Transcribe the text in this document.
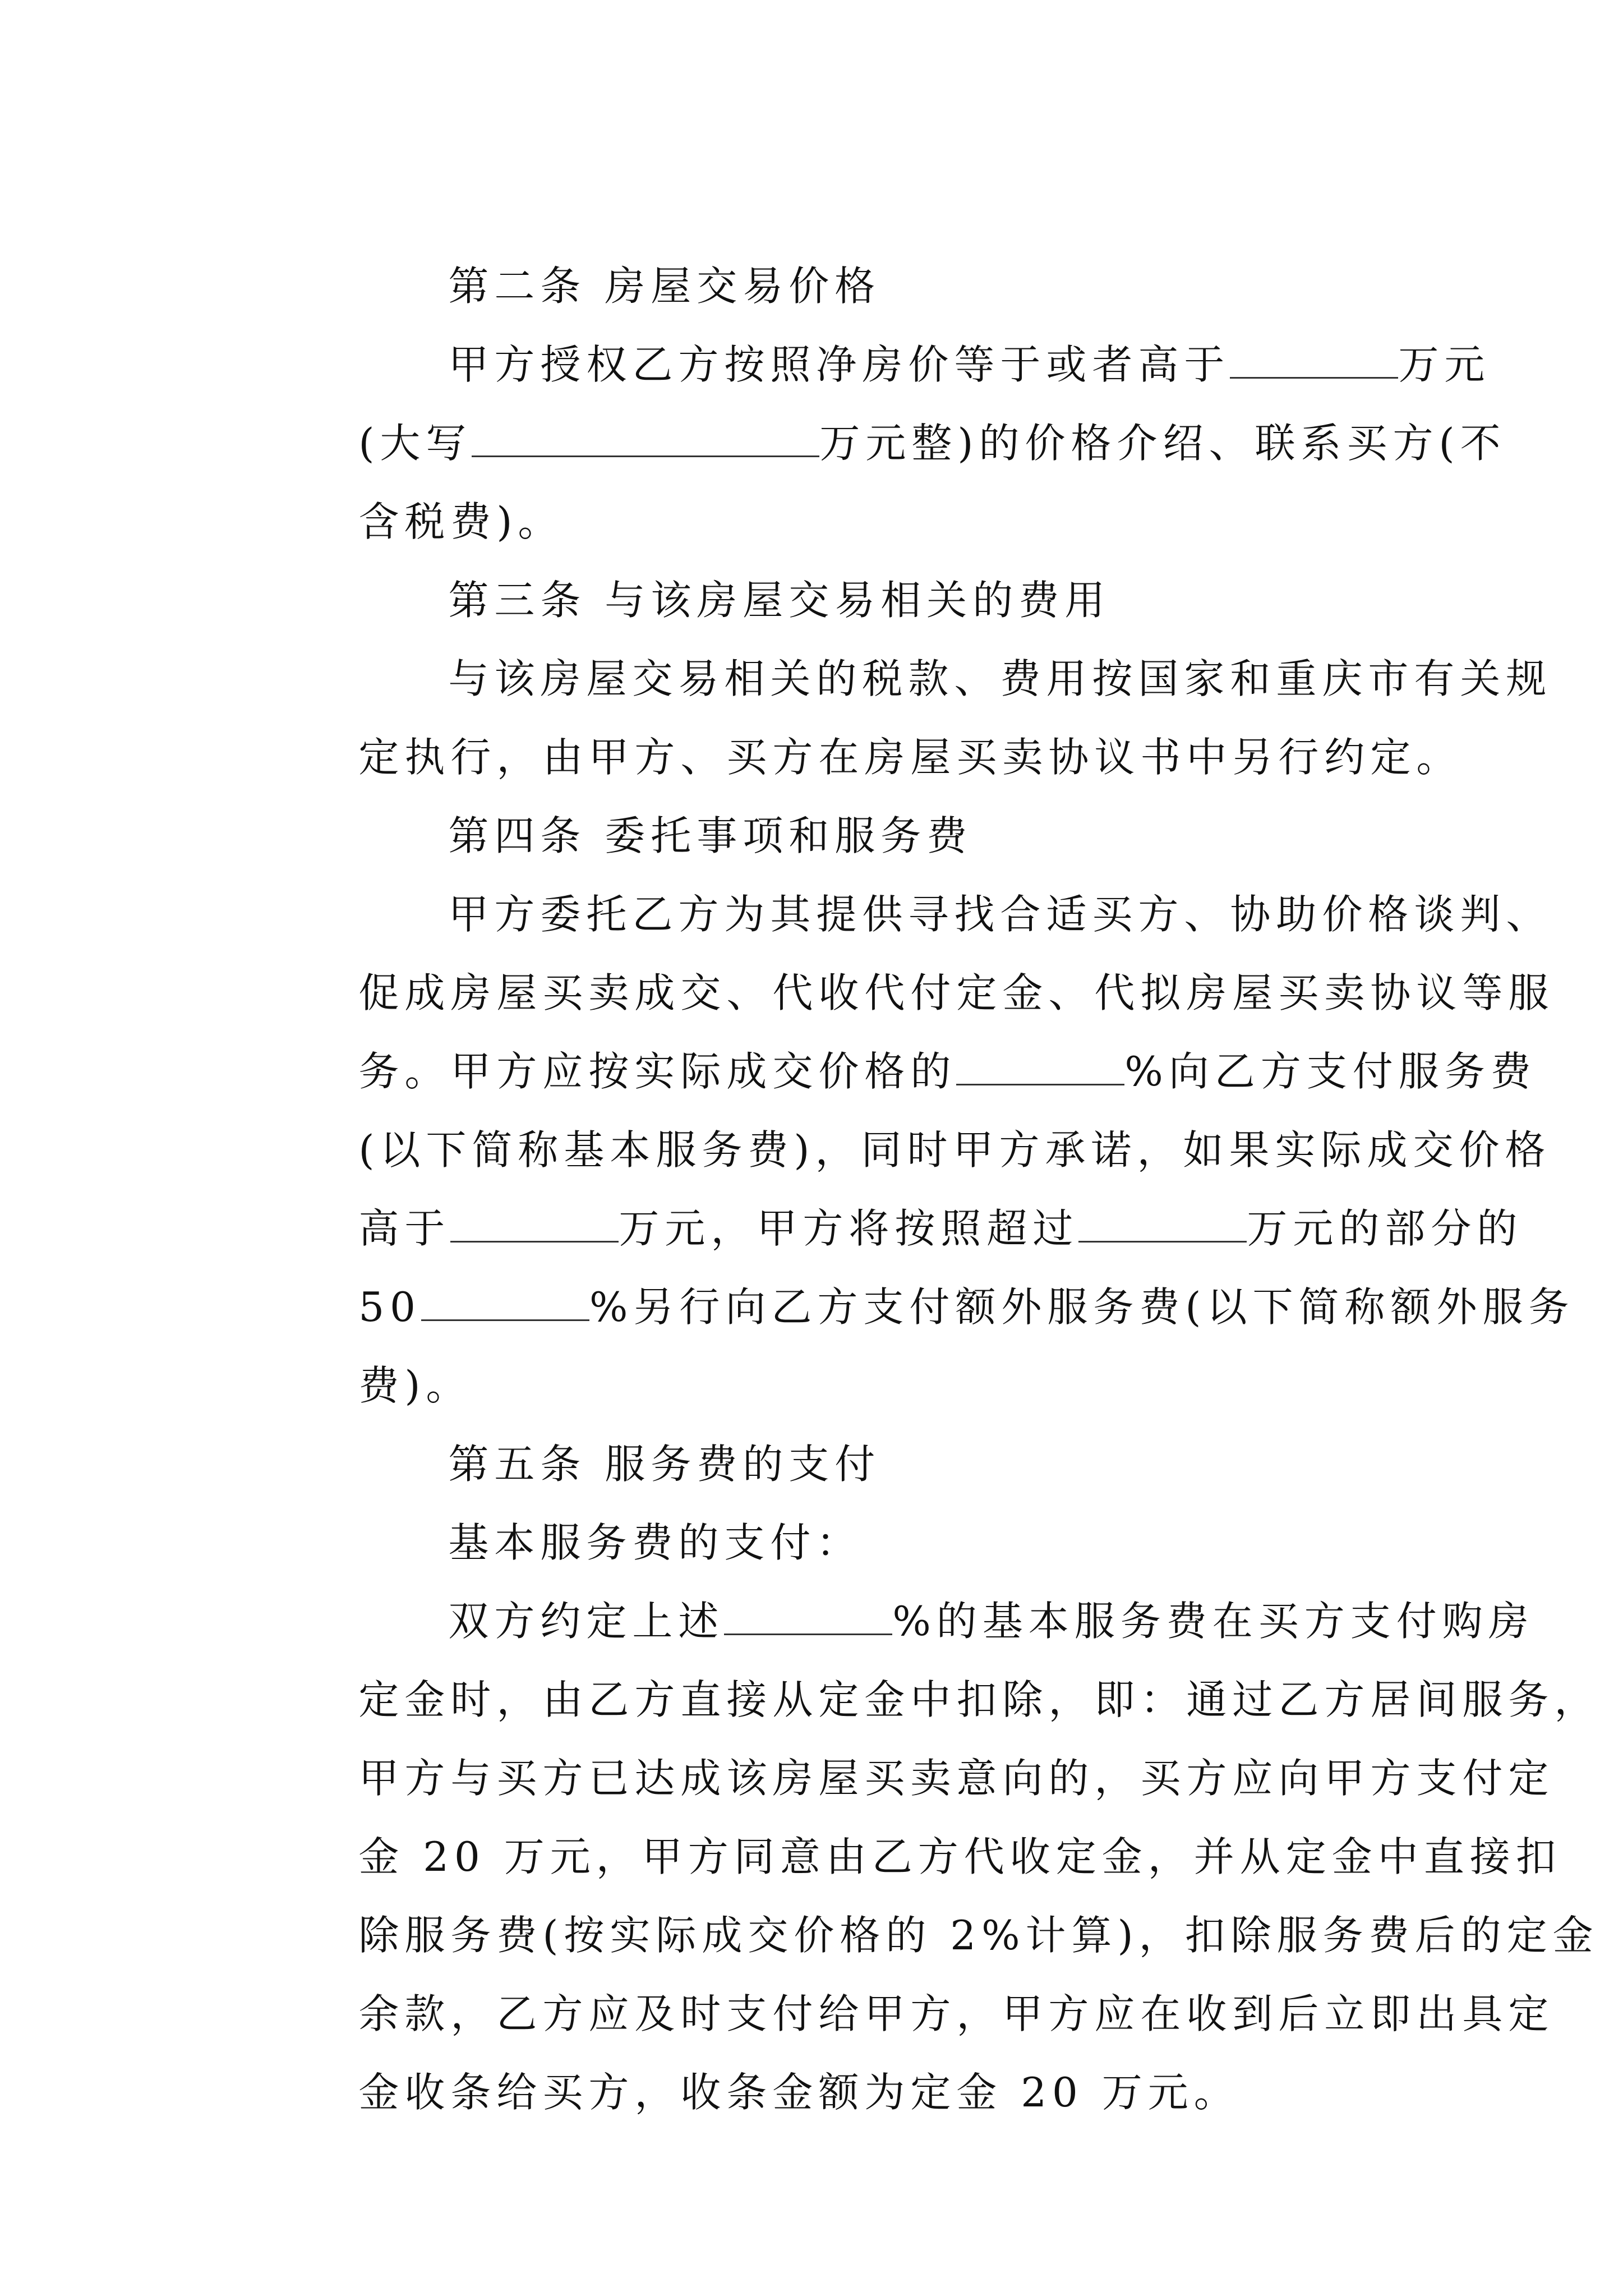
第二条 房屋交易价格

甲方授权乙方按照净房价等于或者高于	万元

(大写	万元整)的价格介绍、联系买方(不

含税费)。

第三条 与该房屋交易相关的费用

与该房屋交易相关的税款、费用按国家和重庆市有关规

定执行，由甲方、买方在房屋买卖协议书中另行约定。

第四条 委托事项和服务费

甲方委托乙方为其提供寻找合适买方、协助价格谈判、

促成房屋买卖成交、代收代付定金、代拟房屋买卖协议等服

务。甲方应按实际成交价格的	%向乙方支付服务费

(以下简称基本服务费)，同时甲方承诺，如果实际成交价格

高于	万元，甲方将按照超过	万元的部分的

50	%另行向乙方支付额外服务费(以下简称额外服务

费)。

第五条 服务费的支付

基本服务费的支付：

双方约定上述	%的基本服务费在买方支付购房

定金时，由乙方直接从定金中扣除，即：通过乙方居间服务，

甲方与买方已达成该房屋买卖意向的，买方应向甲方支付定

金 20 万元，甲方同意由乙方代收定金，并从定金中直接扣

除服务费(按实际成交价格的 2%计算)，扣除服务费后的定金

余款，乙方应及时支付给甲方，甲方应在收到后立即出具定

金收条给买方，收条金额为定金 20 万元。
